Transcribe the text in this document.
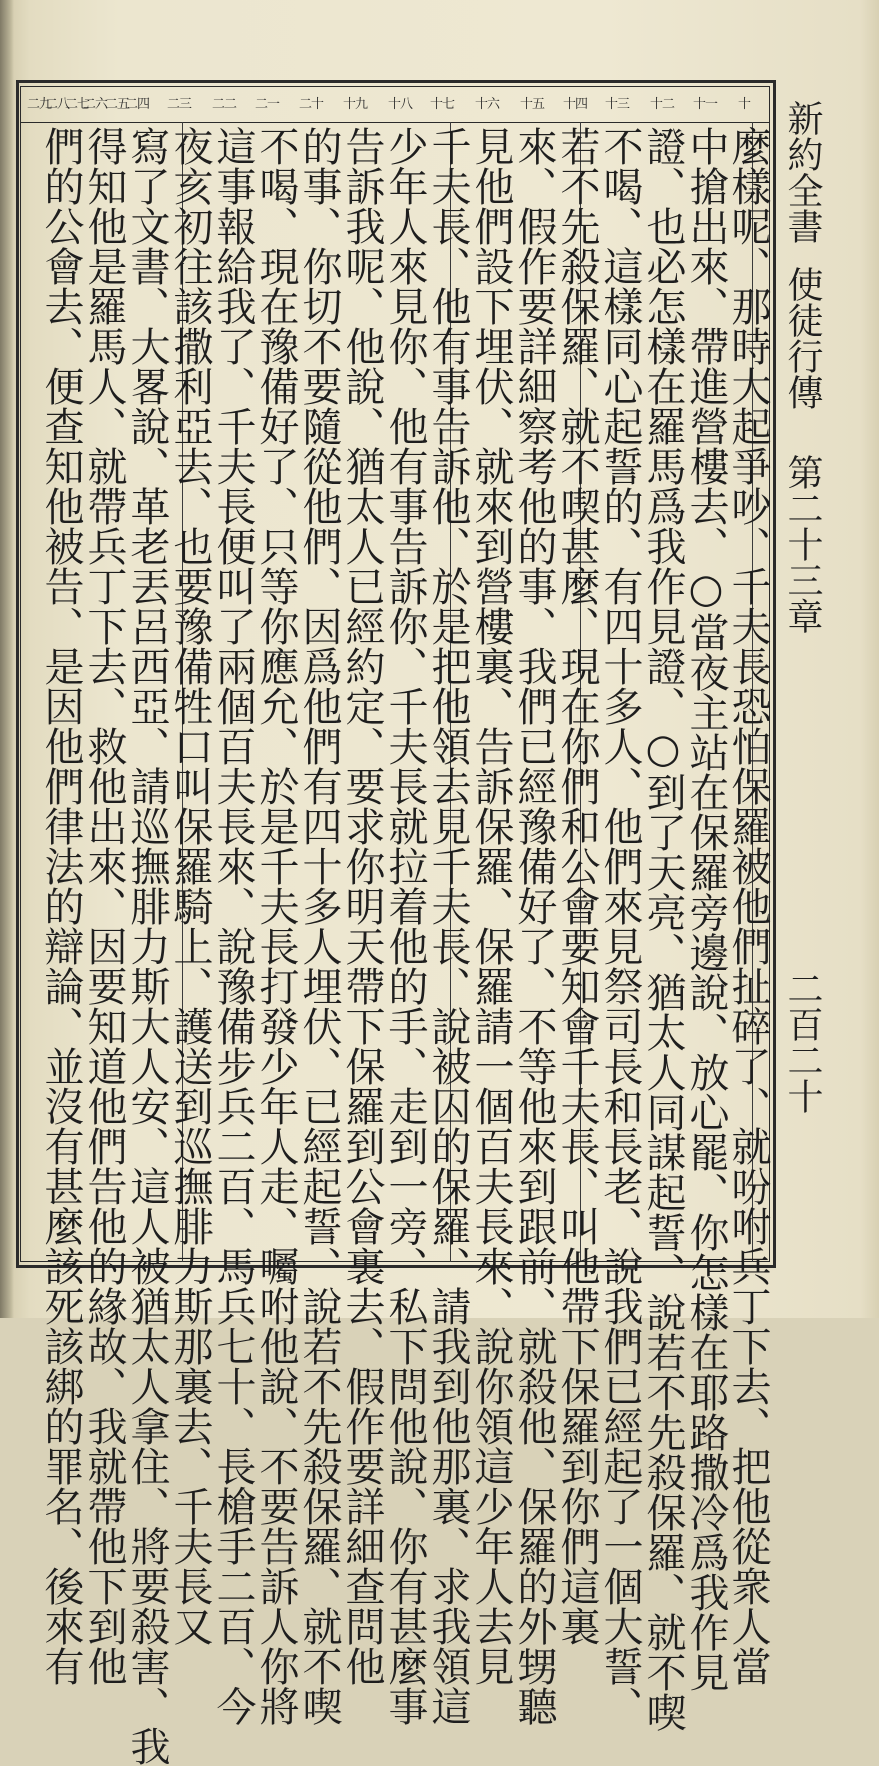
十
十一
十二
十三
十四
十五
十六
十七
十八
十九
二十
二一
二二
二三
二四
二五
二六
二七
二八
二九
麼樣呢、那時大起爭吵、千夫長恐怕保羅被他們扯碎了、就吩咐兵丁下去、把他從衆人當
中搶出來、帶進營樓去、○當夜主站在保羅旁邊說、放心罷、你怎樣在耶路撒冷爲我作見
證、也必怎樣在羅馬爲我作見證、○到了天亮、猶太人同謀起誓、說若不先殺保羅、就不喫
不喝、這樣同心起誓的、有四十多人、他們來見祭司長和長老、說我們已經起了一個大誓、
若不先殺保羅、就不喫甚麼、現在你們和公會要知會千夫長、叫他帶下保羅到你們這裏
來、假作要詳細察考他的事、我們已經豫備好了、不等他來到跟前、就殺他、保羅的外甥聽
見他們設下埋伏、就來到營樓裏、告訴保羅、保羅請一個百夫長來、說你領這少年人去見
千夫長、他有事告訴他、於是把他領去見千夫長、說被囚的保羅、請我到他那裏、求我領這
少年人來見你、他有事告訴你、千夫長就拉着他的手、走到一旁、私下問他說、你有甚麼事
告訴我呢、他說、猶太人已經約定、要求你明天帶下保羅到公會裏去、假作要詳細查問他
的事、你切不要隨從他們、因爲他們有四十多人埋伏、已經起誓、說若不先殺保羅、就不喫
不喝、現在豫備好了、只等你應允、於是千夫長打發少年人走、囑咐他說、不要告訴人你將
這事報給我了、千夫長便叫了兩個百夫長來、說豫備步兵二百、馬兵七十、長槍手二百、今
夜亥初往該撒利亞去、也要豫備牲口叫保羅騎上、護送到巡撫腓力斯那裏去、千夫長又
寫了文書、大畧說、革老丟呂西亞、請巡撫腓力斯大人安、這人被猶太人拿住、將要殺害、我
得知他是羅馬人、就帶兵丁下去、救他出來、因要知道他們告他的緣故、我就帶他下到他
們的公會去、便查知他被告、是因他們律法的辯論、並沒有甚麼該死該綁的罪名、後來有	新約全書使徒行傳第二十三章
二百二十
